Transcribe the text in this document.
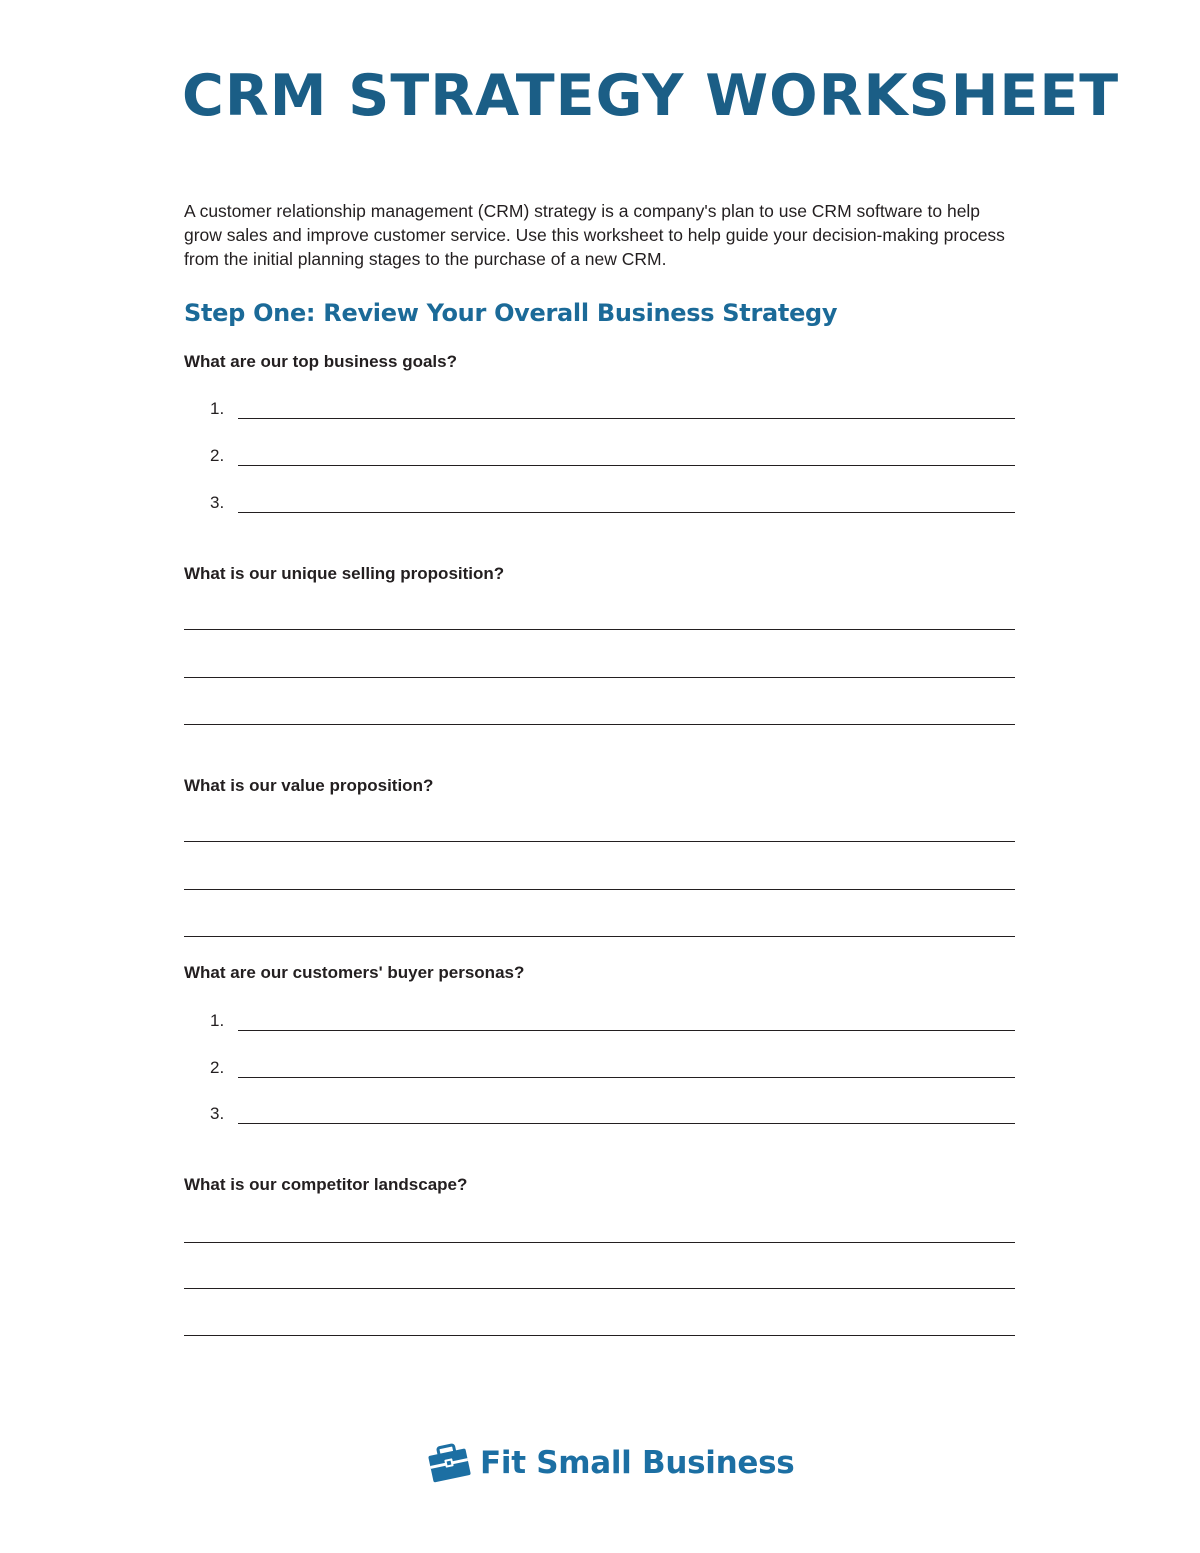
CRM STRATEGY WORKSHEET

A customer relationship management (CRM) strategy is a company's plan to use CRM software to help grow sales and improve customer service. Use this worksheet to help guide your decision-making process from the initial planning stages to the purchase of a new CRM.

Step One: Review Your Overall Business Strategy
What are our top business goals?
1.
2.
3.
What is our unique selling proposition?
What is our value proposition?
What are our customers' buyer personas?
1.
2.
3.
What is our competitor landscape?
Fit Small Business
